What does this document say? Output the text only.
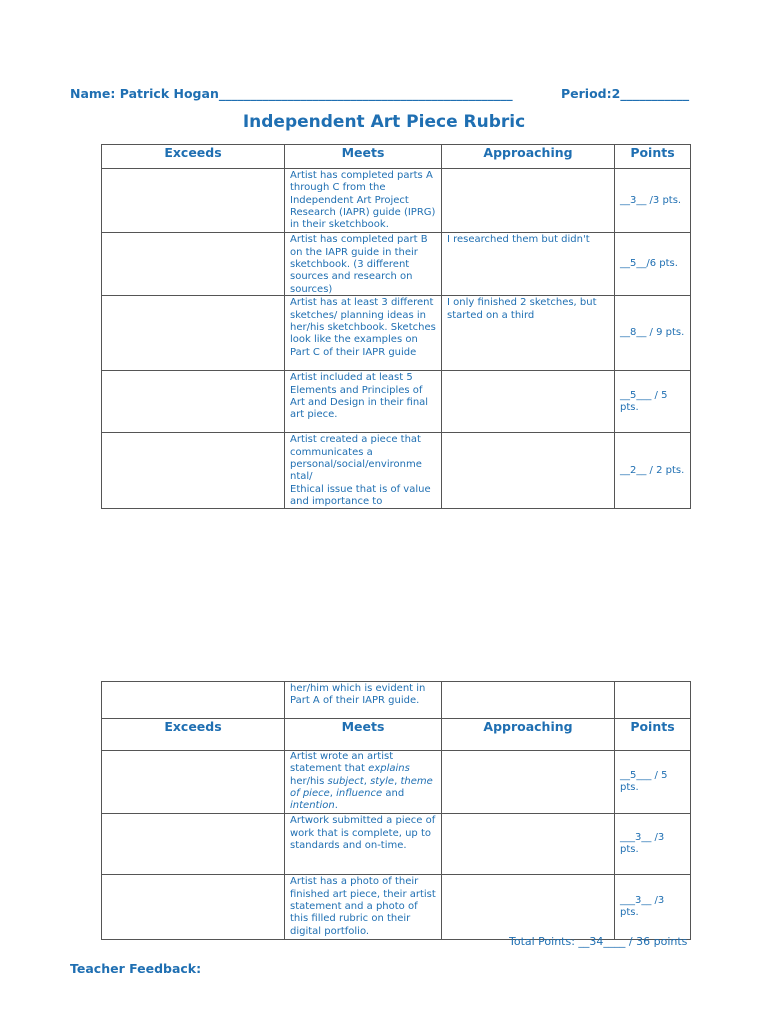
Name: Patrick Hogan_______________________________________________	Period:2___________
Independent Art Piece Rubric
Exceeds	Meets	Approaching	Points
	Artist has completed parts A through C from the Independent Art Project Research (IAPR) guide (IPRG) in their sketchbook.		__3__ /3 pts.

	Artist has completed part B on the IAPR guide in their sketchbook. (3 different sources and research on sources)	I researched them but didn't	__5__/6 pts.

	Artist has at least 3 different sketches/ planning ideas in her/his sketchbook. Sketches look like the examples on Part C of their IAPR guide	I only finished 2 sketches, but started on a third	__8__ / 9 pts.
	Artist included at least 5 Elements and Principles of Art and Design in their final art piece.		__5___ / 5 pts.

	Artist created a piece that communicates a personal/social/environme
ntal/
Ethical issue that is of value and importance to		__2__ / 2 pts.
	her/him which is evident in Part A of their IAPR guide.		
Exceeds	Meets	Approaching	Points
	Artist wrote an artist statement that explains her/his subject, style, theme of piece, influence and intention.		__5___ / 5 pts.
	Artwork submitted a piece of work that is complete, up to standards and on-time.		___3__ /3 pts.
	Artist has a photo of their finished art piece, their artist statement and a photo of this filled rubric on their digital portfolio.		___3__ /3 pts.
Total Points: __34____ / 36 points
Teacher Feedback:
